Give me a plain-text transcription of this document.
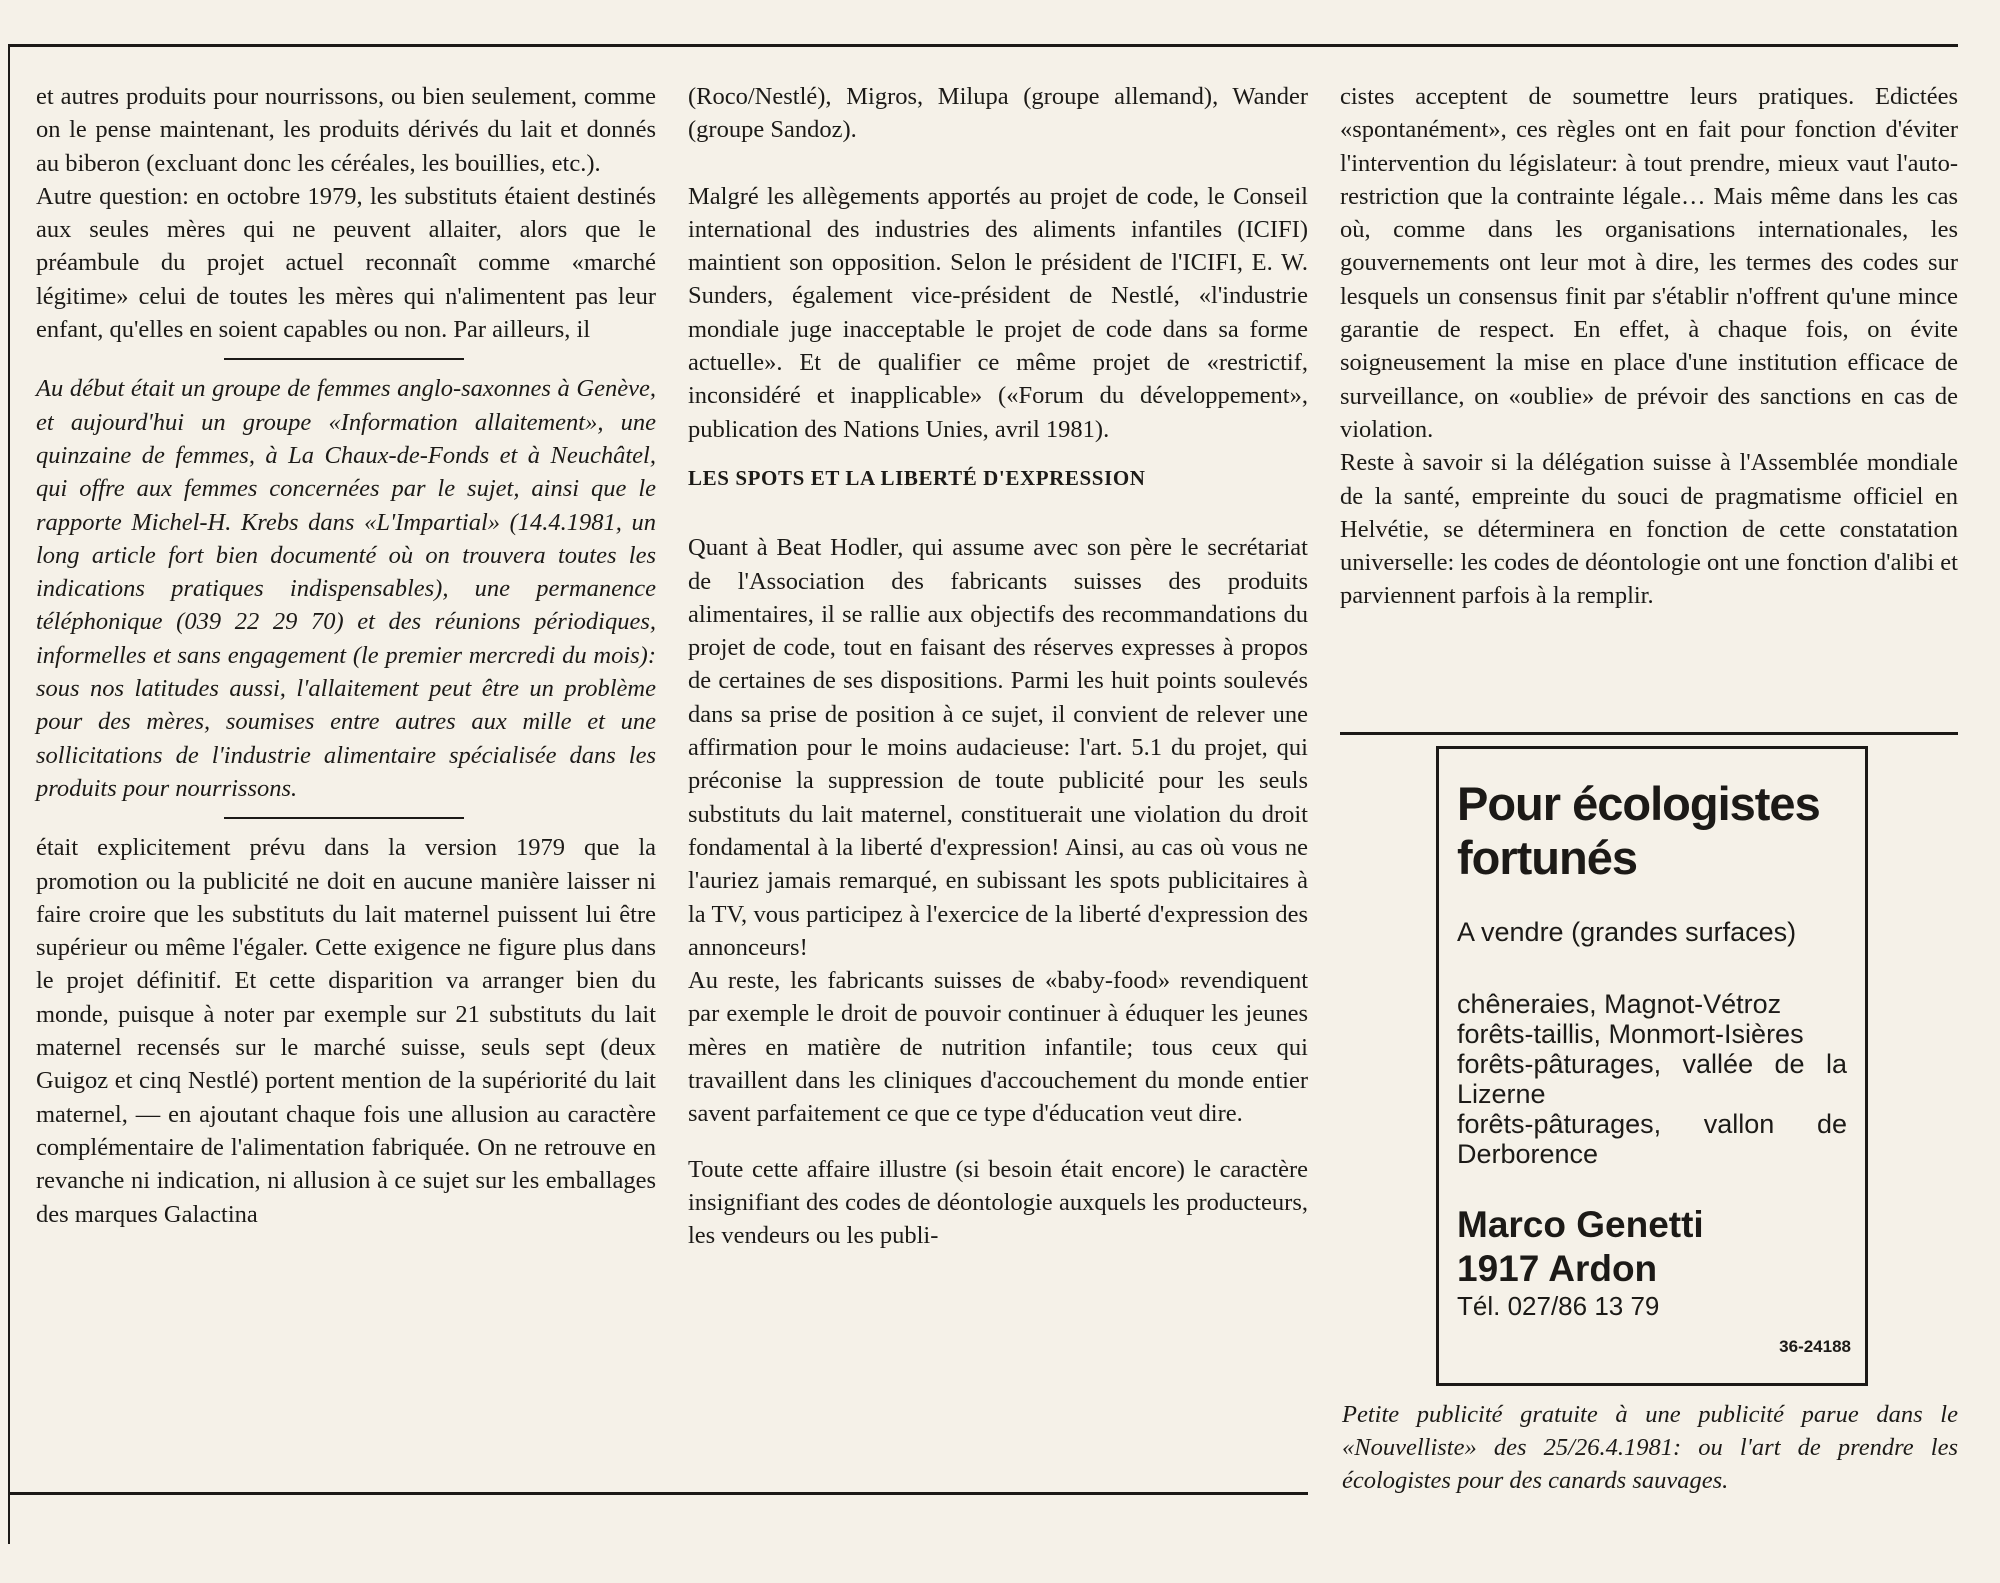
et autres produits pour nourrissons, ou bien seulement, comme on le pense maintenant, les produits dérivés du lait et donnés au biberon (excluant donc les céréales, les bouillies, etc.).

Autre question: en octobre 1979, les substituts étaient destinés aux seules mères qui ne peuvent allaiter, alors que le préambule du projet actuel reconnaît comme «marché légitime» celui de toutes les mères qui n'alimentent pas leur enfant, qu'elles en soient capables ou non. Par ailleurs, il

Au début était un groupe de femmes anglo-saxonnes à Genève, et aujourd'hui un groupe «Information allaitement», une quinzaine de femmes, à La Chaux-de-Fonds et à Neuchâtel, qui offre aux femmes concernées par le sujet, ainsi que le rapporte Michel-H. Krebs dans «L'Impartial» (14.4.1981, un long article fort bien documenté où on trouvera toutes les indications pratiques indispensables), une permanence téléphonique (039 22 29 70) et des réunions périodiques, informelles et sans engagement (le premier mercredi du mois): sous nos latitudes aussi, l'allaitement peut être un problème pour des mères, soumises entre autres aux mille et une sollicitations de l'industrie alimentaire spécialisée dans les produits pour nourrissons.

était explicitement prévu dans la version 1979 que la promotion ou la publicité ne doit en aucune manière laisser ni faire croire que les substituts du lait maternel puissent lui être supérieur ou même l'égaler. Cette exigence ne figure plus dans le projet définitif. Et cette disparition va arranger bien du monde, puisque à noter par exemple sur 21 substituts du lait maternel recensés sur le marché suisse, seuls sept (deux Guigoz et cinq Nestlé) portent mention de la supériorité du lait maternel, — en ajoutant chaque fois une allusion au caractère complémentaire de l'alimentation fabriquée. On ne retrouve en revanche ni indication, ni allusion à ce sujet sur les emballages des marques Galactina

(Roco/Nestlé), Migros, Milupa (groupe allemand), Wander (groupe Sandoz).

Malgré les allègements apportés au projet de code, le Conseil international des industries des aliments infantiles (ICIFI) maintient son opposition. Selon le président de l'ICIFI, E. W. Sunders, également vice-président de Nestlé, «l'industrie mondiale juge inacceptable le projet de code dans sa forme actuelle». Et de qualifier ce même projet de «restrictif, inconsidéré et inapplicable» («Forum du développement», publication des Nations Unies, avril 1981).

LES SPOTS ET LA LIBERTÉ D'EXPRESSION

Quant à Beat Hodler, qui assume avec son père le secrétariat de l'Association des fabricants suisses des produits alimentaires, il se rallie aux objectifs des recommandations du projet de code, tout en faisant des réserves expresses à propos de certaines de ses dispositions. Parmi les huit points soulevés dans sa prise de position à ce sujet, il convient de relever une affirmation pour le moins audacieuse: l'art. 5.1 du projet, qui préconise la suppression de toute publicité pour les seuls substituts du lait maternel, constituerait une violation du droit fondamental à la liberté d'expression! Ainsi, au cas où vous ne l'auriez jamais remarqué, en subissant les spots publicitaires à la TV, vous participez à l'exercice de la liberté d'expression des annonceurs!

Au reste, les fabricants suisses de «baby-food» revendiquent par exemple le droit de pouvoir continuer à éduquer les jeunes mères en matière de nutrition infantile; tous ceux qui travaillent dans les cliniques d'accouchement du monde entier savent parfaitement ce que ce type d'éducation veut dire.

Toute cette affaire illustre (si besoin était encore) le caractère insignifiant des codes de déontologie auxquels les producteurs, les vendeurs ou les publi-

cistes acceptent de soumettre leurs pratiques. Edictées «spontanément», ces règles ont en fait pour fonction d'éviter l'intervention du législateur: à tout prendre, mieux vaut l'auto-restriction que la contrainte légale… Mais même dans les cas où, comme dans les organisations internationales, les gouvernements ont leur mot à dire, les termes des codes sur lesquels un consensus finit par s'établir n'offrent qu'une mince garantie de respect. En effet, à chaque fois, on évite soigneusement la mise en place d'une institution efficace de surveillance, on «oublie» de prévoir des sanctions en cas de violation.

Reste à savoir si la délégation suisse à l'Assemblée mondiale de la santé, empreinte du souci de pragmatisme officiel en Helvétie, se déterminera en fonction de cette constatation universelle: les codes de déontologie ont une fonction d'alibi et parviennent parfois à la remplir.

Pour écologistes
fortunés
A vendre (grandes surfaces)
chêneraies, Magnot-Vétroz
forêts-taillis, Monmort-Isières
forêts-pâturages, vallée de la Lizerne
forêts-pâturages, vallon de Derborence
Marco Genetti
1917 Ardon
Tél. 027/86 13 79
36-24188
Petite publicité gratuite à une publicité parue dans le «Nouvelliste» des 25/26.4.1981: ou l'art de prendre les écologistes pour des canards sauvages.
